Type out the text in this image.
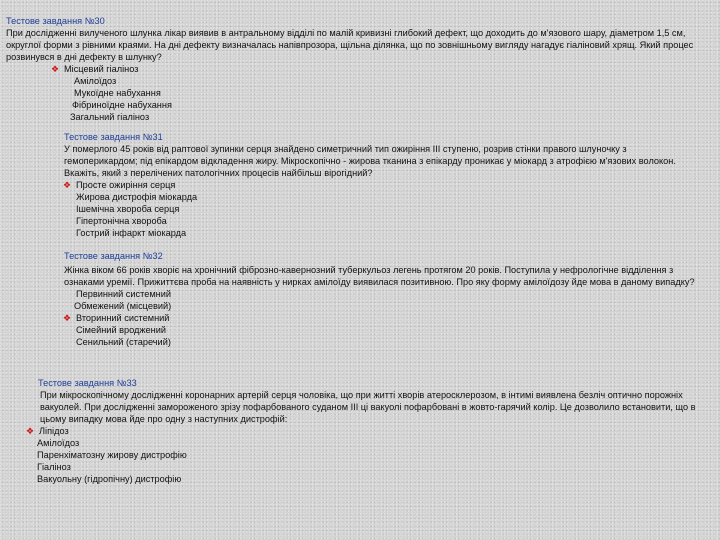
Тестове завдання №30

При дослідженні вилученого шлунка лікар виявив в антральному відділі по малій кривизні глибокий дефект, що доходить до м'язового шару, діаметром 1,5 см, округлої форми з рівними краями. На дні дефекту визначалась напівпрозора, щільна ділянка, що по зовнішньому вигляду нагадує гіаліновий хрящ. Який процес розвинувся в дні дефекту в шлунку?

❖ Місцевий гіаліноз
Амілоїдоз
Мукоїдне набухання
Фібриноїдне набухання
Загальний гіаліноз
Тестове завдання №31

У померлого 45 років від раптової зупинки серця знайдено симетричний тип ожиріння ІІІ ступеню, розрив стінки правого шлуночку з гемоперикардом; під епікардом відкладення жиру. Мікроскопічно - жирова тканина з епікарду проникає у міокард з атрофією м'язових волокон. Вкажіть, який з перелічених патологічних процесів найбільш вірогідний?

❖ Просте ожиріння серця
Жирова дистрофія міокарда
Ішемічна хвороба серця
Гіпертонічна хвороба
Гострий інфаркт міокарда
Тестове завдання №32

Жінка віком 66 років хворіє на хронічний фіброзно-кавернозний туберкульоз легень протягом 20 років. Поступила у нефрологічне відділення з ознаками уремії. Прижиттєва проба на наявність у нирках амілоїду виявилася позитивною. Про яку форму амілоїдозу йде мова в даному випадку?

Первинний системний
Обмежений (місцевий)
❖ Вторинний системний
Сімейний вроджений
Сенильний (старечий)
Тестове завдання №33

При мікроскопічному дослідженні коронарних артерій серця чоловіка, що при житті хворів атеросклерозом, в інтимі виявлена безліч оптично порожніх вакуолей. При дослідженні замороженого зрізу пофарбованого суданом ІІІ ці вакуолі пофарбовані в жовто-гарячий колір. Це дозволило встановити, що в цьому випадку мова йде про одну з наступних дистрофій:

❖ Ліпідоз
Амілоїдоз
Паренхіматозну жирову дистрофію
Гіаліноз
Вакуольну (гідропічну) дистрофію
